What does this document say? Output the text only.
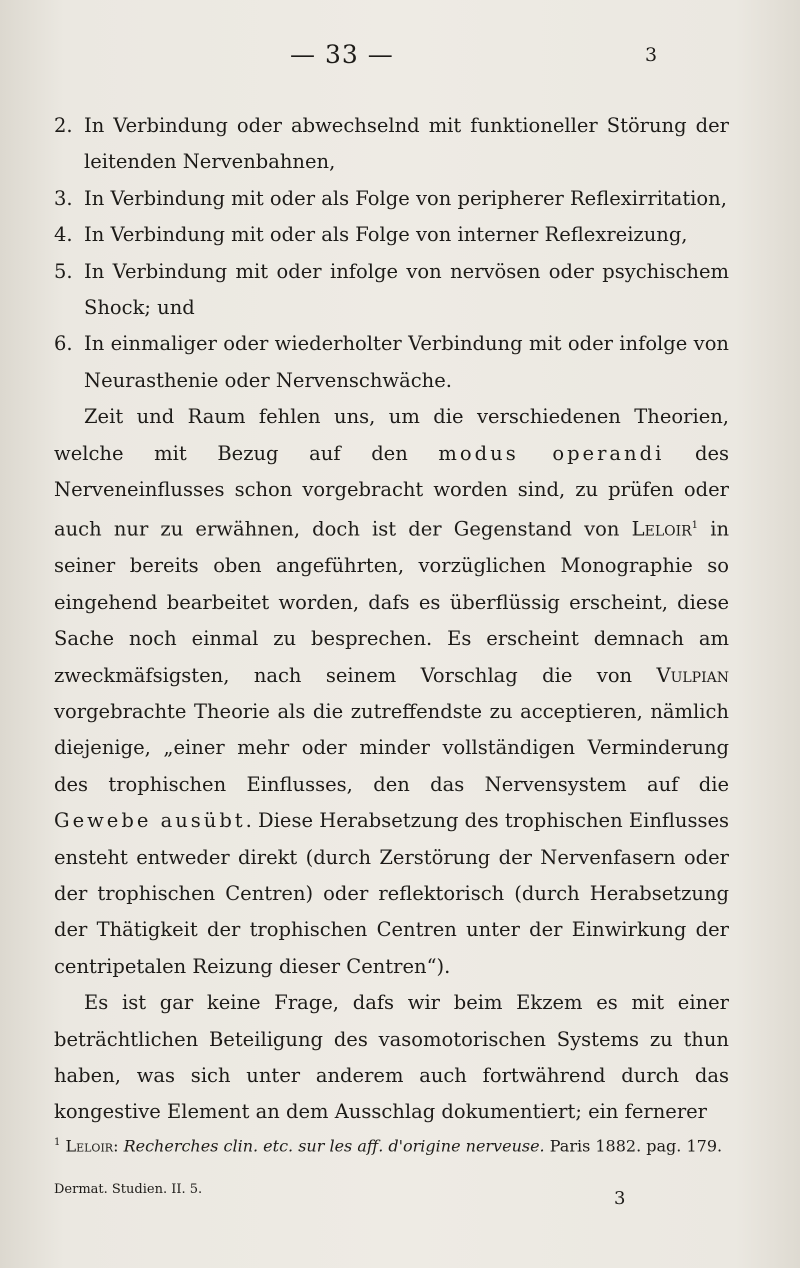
— 33 —	3
2. In Verbindung oder abwechselnd mit funktioneller Störung der leitenden Nervenbahnen,
3. In Verbindung mit oder als Folge von peripherer Reflexirritation,
4. In Verbindung mit oder als Folge von interner Reflexreizung,
5. In Verbindung mit oder infolge von nervösen oder psychischem Shock; und
6. In einmaliger oder wiederholter Verbindung mit oder infolge von Neurasthenie oder Nervenschwäche.

Zeit und Raum fehlen uns, um die verschiedenen Theorien, welche mit Bezug auf den modus operandi des Nerveneinflusses schon vorgebracht worden sind, zu prüfen oder auch nur zu erwähnen, doch ist der Gegenstand von Leloir$^1$ in seiner bereits oben angeführten, vorzüglichen Monographie so eingehend bearbeitet worden, dafs es überflüssig erscheint, diese Sache noch einmal zu besprechen. Es erscheint demnach am zweckmäfsigsten, nach seinem Vorschlag die von Vulpian vorgebrachte Theorie als die zutreffendste zu acceptieren, nämlich diejenige, „einer mehr oder minder vollständigen Verminderung des trophischen Einflusses, den das Nervensystem auf die Gewebe ausübt. Diese Herabsetzung des trophischen Einflusses ensteht entweder direkt (durch Zerstörung der Nervenfasern oder der trophischen Centren) oder reflektorisch (durch Herabsetzung der Thätigkeit der trophischen Centren unter der Einwirkung der centripetalen Reizung dieser Centren“).

Es ist gar keine Frage, dafs wir beim Ekzem es mit einer beträchtlichen Beteiligung des vasomotorischen Systems zu thun haben, was sich unter anderem auch fortwährend durch das kongestive Element an dem Ausschlag dokumentiert; ein fernerer

$^1$ Leloir: Recherches clin. etc. sur les aff. d'origine nerveuse. Paris 1882. pag. 179.
Dermat. Studien. II. 5.	3
